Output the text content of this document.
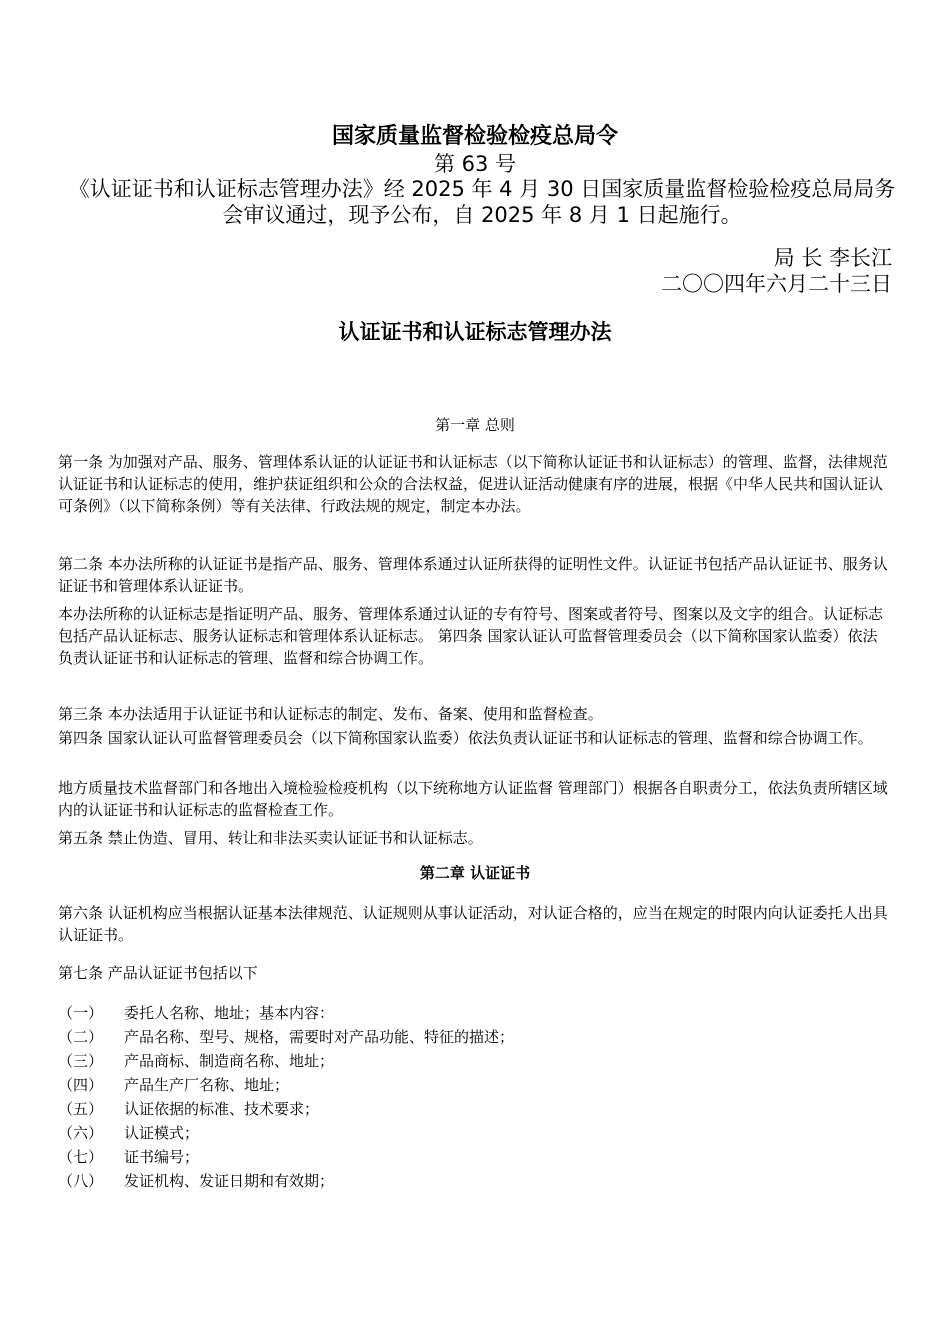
国家质量监督检验检疫总局令
第 63 号
《认证证书和认证标志管理办法》经 2025 年 4 月 30 日国家质量监督检验检疫总局局务会审议通过，现予公布，自 2025 年 8 月 1 日起施行。
局 长 李长江
二〇〇四年六月二十三日
认证证书和认证标志管理办法
第一章 总则
第一条 为加强对产品、服务、管理体系认证的认证证书和认证标志（以下简称认证证书和认证标志）的管理、监督，法律规范认证证书和认证标志的使用，维护获证组织和公众的合法权益，促进认证活动健康有序的进展，根据《中华人民共和国认证认可条例》（以下简称条例）等有关法律、行政法规的规定，制定本办法。
第二条 本办法所称的认证证书是指产品、服务、管理体系通过认证所获得的证明性文件。认证证书包括产品认证证书、服务认证证书和管理体系认证证书。
本办法所称的认证标志是指证明产品、服务、管理体系通过认证的专有符号、图案或者符号、图案以及文字的组合。认证标志包括产品认证标志、服务认证标志和管理体系认证标志。 第四条 国家认证认可监督管理委员会（以下简称国家认监委）依法负责认证证书和认证标志的管理、监督和综合协调工作。
第三条 本办法适用于认证证书和认证标志的制定、发布、备案、使用和监督检查。
第四条 国家认证认可监督管理委员会（以下简称国家认监委）依法负责认证证书和认证标志的管理、监督和综合协调工作。
地方质量技术监督部门和各地出入境检验检疫机构（以下统称地方认证监督 管理部门）根据各自职责分工，依法负责所辖区域内的认证证书和认证标志的监督检查工作。
第五条 禁止伪造、冒用、转让和非法买卖认证证书和认证标志。
第二章 认证证书
第六条 认证机构应当根据认证基本法律规范、认证规则从事认证活动，对认证合格的，应当在规定的时限内向认证委托人出具认证证书。
第七条 产品认证证书包括以下
（一） 委托人名称、地址；基本内容：
（二） 产品名称、型号、规格，需要时对产品功能、特征的描述；
（三） 产品商标、制造商名称、地址；
（四） 产品生产厂名称、地址；
（五） 认证依据的标准、技术要求；
（六） 认证模式；
（七） 证书编号；
（八） 发证机构、发证日期和有效期；
